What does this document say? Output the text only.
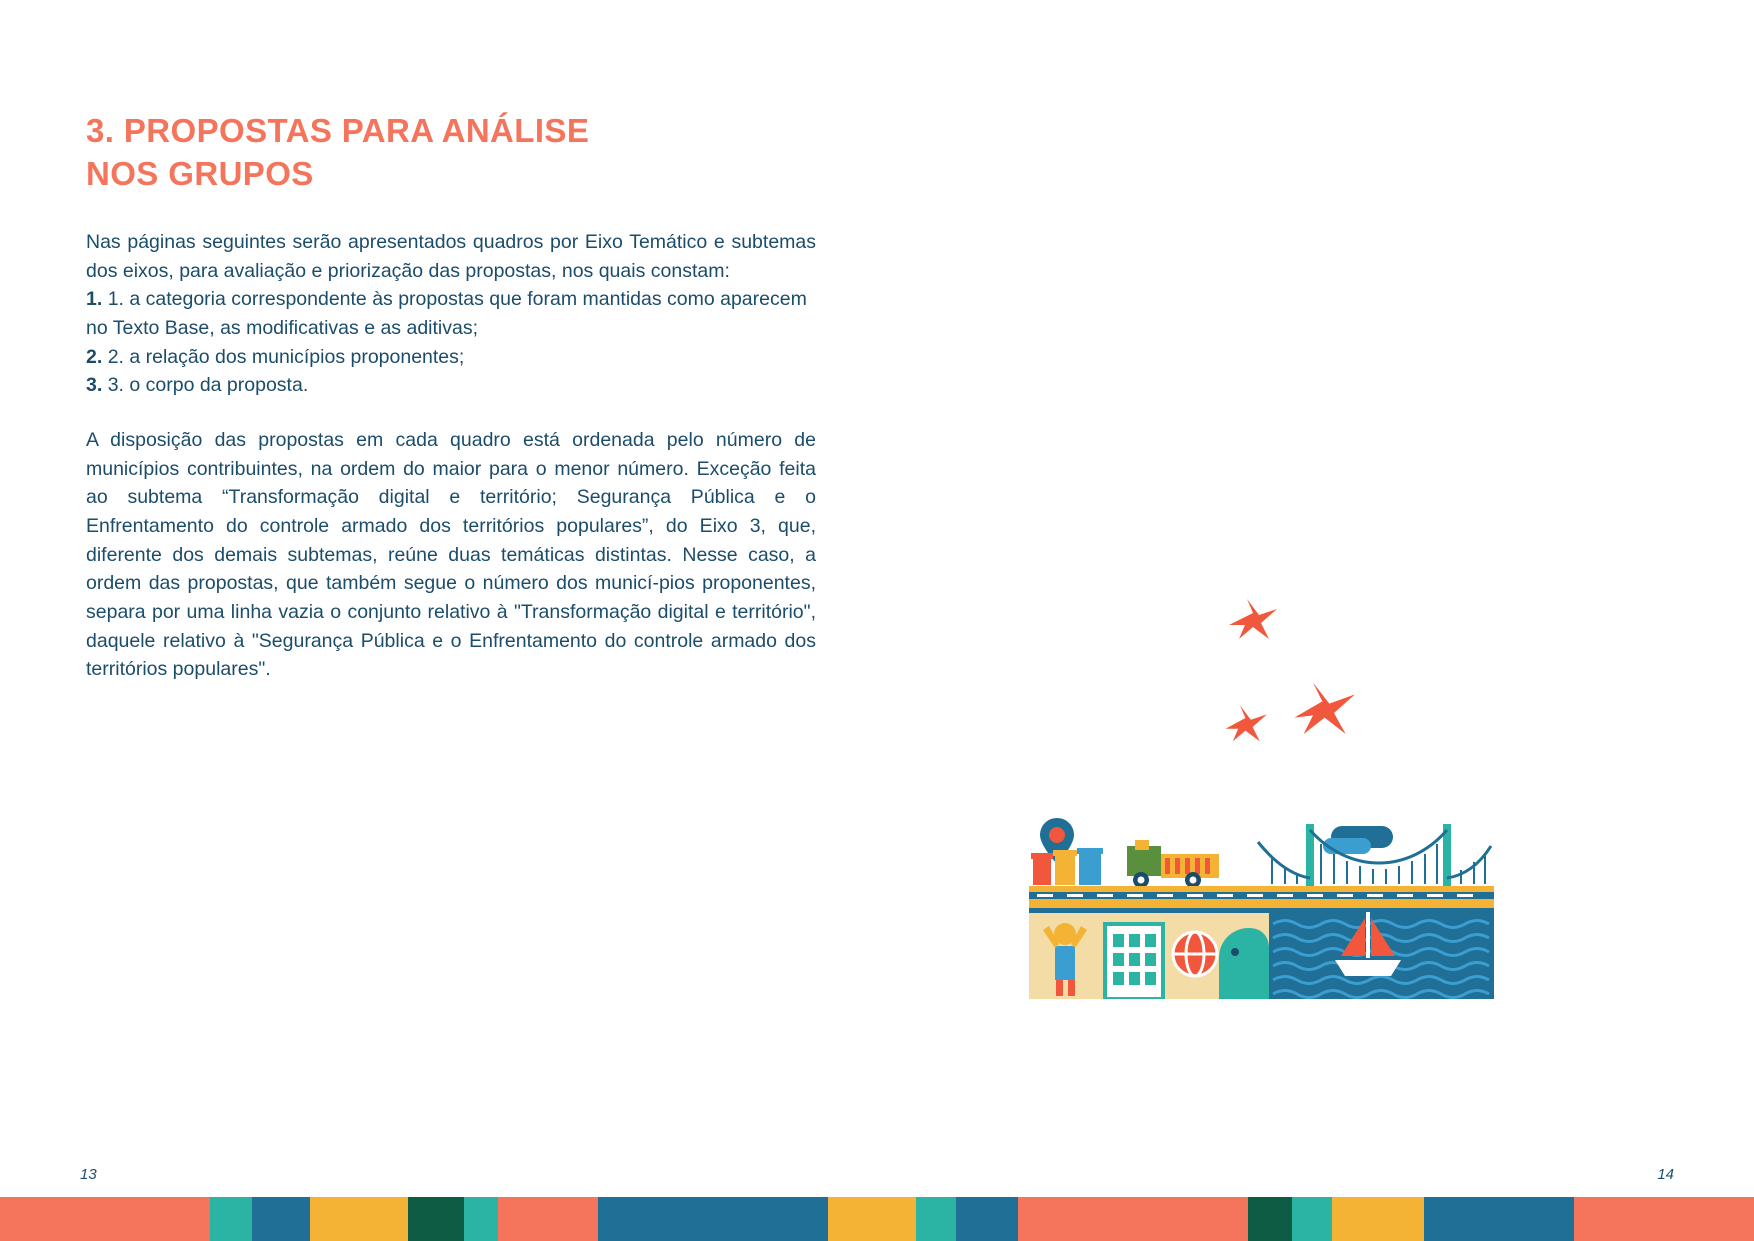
3. PROPOSTAS PARA ANÁLISE
NOS GRUPOS

Nas páginas seguintes serão apresentados quadros por Eixo Temático e subtemas dos eixos, para avaliação e priorização das propostas, nos quais constam:

1. 1. a categoria correspondente às propostas que foram mantidas como aparecem no Texto Base, as modificativas e as aditivas;

2. 2. a relação dos municípios proponentes;

3. 3. o corpo da proposta.

A disposição das propostas em cada quadro está ordenada pelo número de municípios contribuintes, na ordem do maior para o menor número. Exceção feita ao subtema “Transformação digital e território; Segurança Pública e o Enfrentamento do controle armado dos territórios populares”, do Eixo 3, que, diferente dos demais subtemas, reúne duas temáticas distintas. Nesse caso, a ordem das propostas, que também segue o número dos municí-pios proponentes, separa por uma linha vazia o conjunto relativo à "Transformação digital e território", daquele relativo à "Segurança Pública e o Enfrentamento do controle armado dos territórios populares".

13	14
